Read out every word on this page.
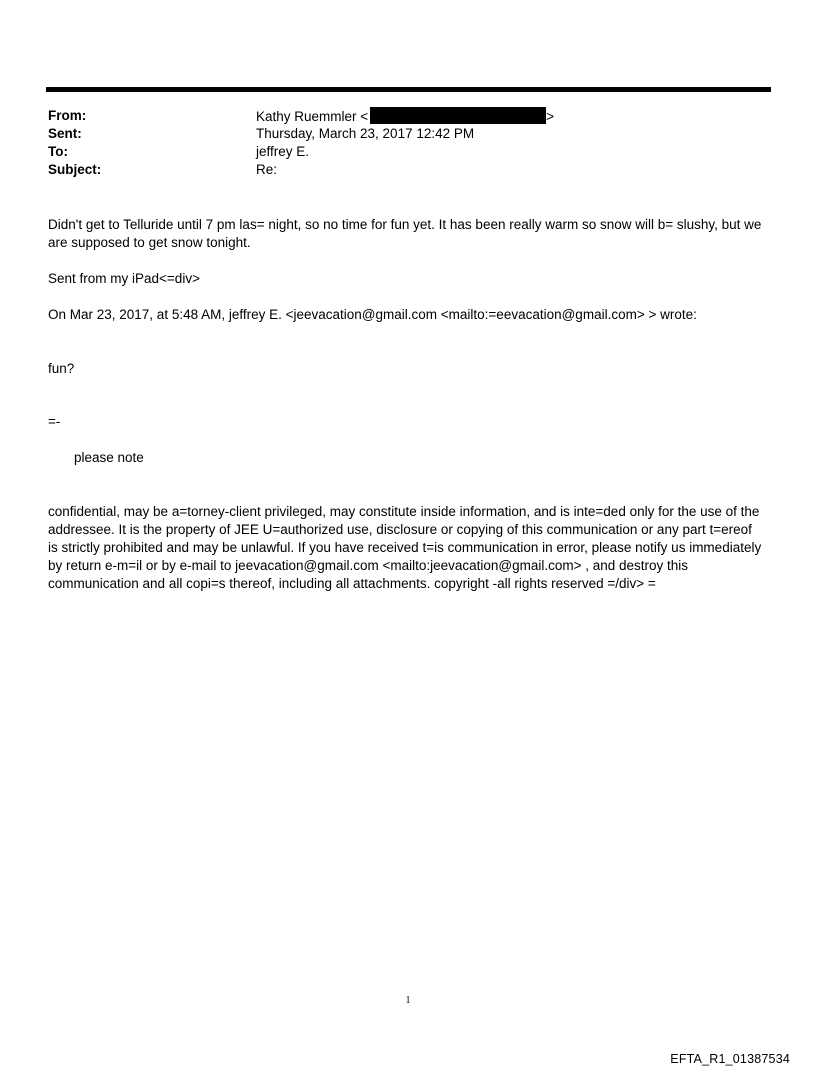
From:	Kathy Ruemmler <	>
Sent:	Thursday, March 23, 2017 12:42 PM
To:	jeffrey E.
Subject:	Re:
Didn't get to Telluride until 7 pm las= night, so no time for fun yet. It has been really warm so snow will b= slushy, but we are supposed to get snow tonight.
Sent from my iPad<=div>
On Mar 23, 2017, at 5:48 AM, jeffrey E. <jeevacation@gmail.com <mailto:=eevacation@gmail.com> > wrote:
fun?
=-
please note
confidential, may be a=torney-client privileged, may constitute inside information, and is inte=ded only for the use of the addressee. It is the property of JEE U=authorized use, disclosure or copying of this communication or any part t=ereof is strictly prohibited and may be unlawful. If you have received t=is communication in error, please notify us immediately by return e-m=il or by e-mail to jeevacation@gmail.com <mailto:jeevacation@gmail.com> , and destroy this communication and all copi=s thereof, including all attachments. copyright -all rights reserved =/div> =
1
EFTA_R1_01387534
